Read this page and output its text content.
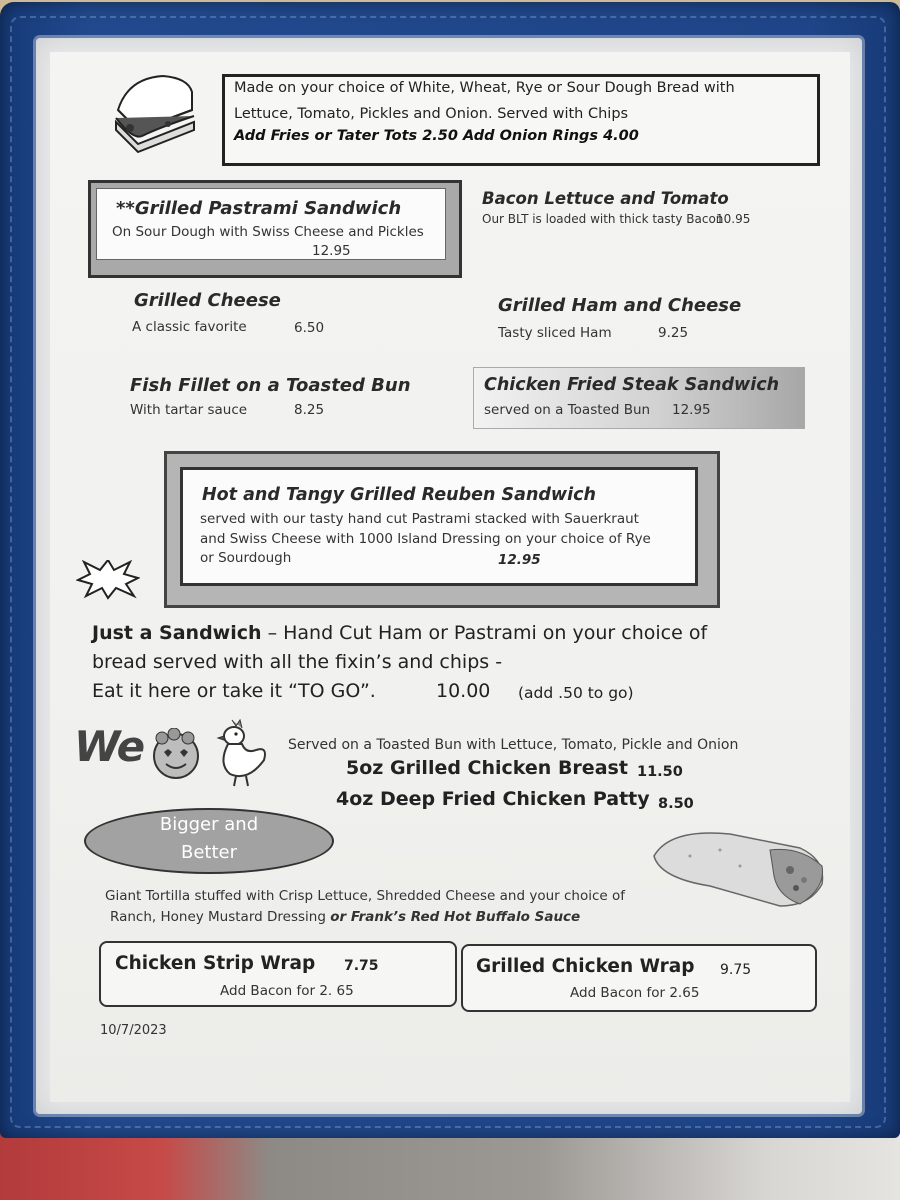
Made on your choice of White, Wheat, Rye or Sour Dough Bread with
Lettuce, Tomato, Pickles and Onion. Served with Chips
Add Fries or Tater Tots 2.50 Add Onion Rings 4.00
**Grilled Pastrami Sandwich
On Sour Dough with Swiss Cheese and Pickles
12.95
Bacon Lettuce and Tomato
Our BLT is loaded with thick tasty Bacon
10.95
Grilled Cheese
A classic favorite	6.50
Grilled Ham and Cheese
Tasty sliced Ham	9.25
Fish Fillet on a Toasted Bun
With tartar sauce	8.25
Chicken Fried Steak Sandwich
served on a Toasted Bun 12.95
Hot and Tangy Grilled Reuben Sandwich
served with our tasty hand cut Pastrami stacked with Sauerkraut
and Swiss Cheese with 1000 Island Dressing on your choice of Rye
or Sourdough	12.95
Just a Sandwich – Hand Cut Ham or Pastrami on your choice of
bread served with all the fixin’s and chips -
Eat it here or take it “TO GO”.	10.00 (add .50 to go)
We	Served on a Toasted Bun with Lettuce, Tomato, Pickle and Onion
5oz Grilled Chicken Breast 11.50
4oz Deep Fried Chicken Patty 8.50
Bigger and
Better
Giant Tortilla stuffed with Crisp Lettuce, Shredded Cheese and your choice of
Ranch, Honey Mustard Dressing or Frank’s Red Hot Buffalo Sauce
Chicken Strip Wrap 7.75
Add Bacon for 2. 65
Grilled Chicken Wrap 9.75
Add Bacon for 2.65
10/7/2023
